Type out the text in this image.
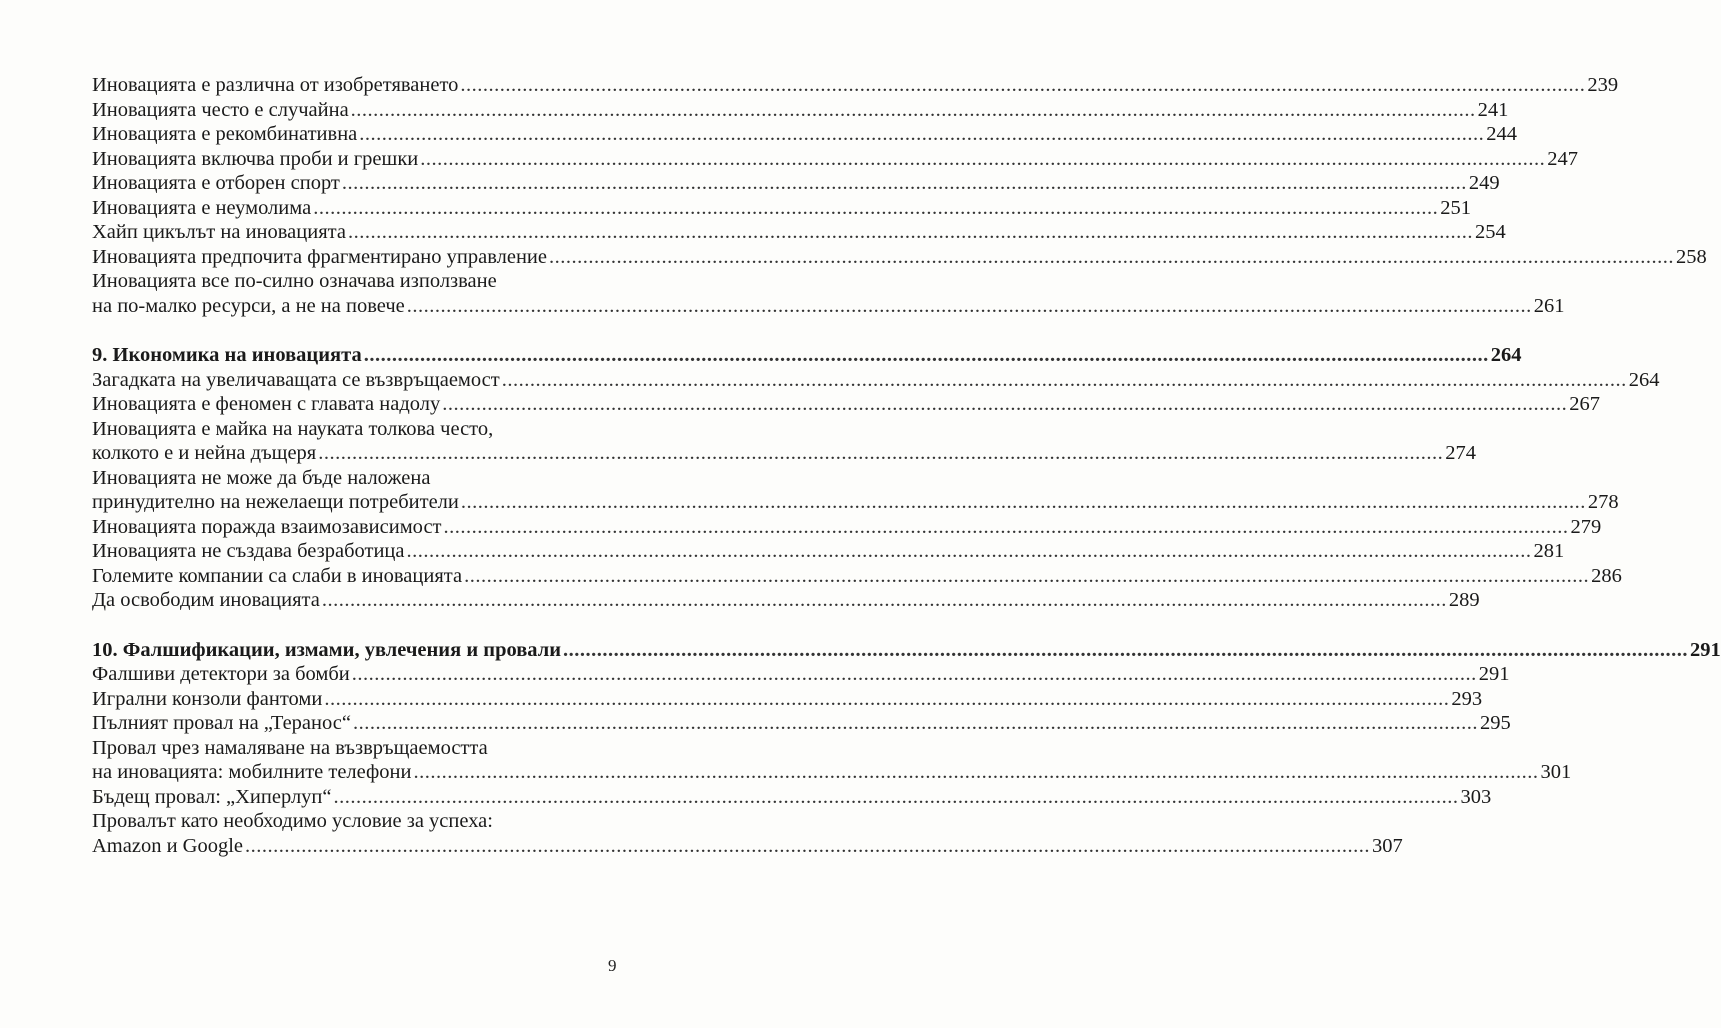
Иновацията е различна от изобретяването ........................................................................................................................................................................................................ 239
Иновацията често е случайна ........................................................................................................................................................................................................ 241
Иновацията е рекомбинативна ........................................................................................................................................................................................................ 244
Иновацията включва проби и грешки ........................................................................................................................................................................................................ 247
Иновацията е отборен спорт ........................................................................................................................................................................................................ 249
Иновацията е неумолима ........................................................................................................................................................................................................ 251
Хайп цикълът на иновацията ........................................................................................................................................................................................................ 254
Иновацията предпочита фрагментирано управление ........................................................................................................................................................................................................ 258
Иновацията все по-силно означава използване
на по-малко ресурси, а не на повече ........................................................................................................................................................................................................ 261
9. Икономика на иновацията ........................................................................................................................................................................................................ 264
Загадката на увеличаващата се възвръщаемост ........................................................................................................................................................................................................ 264
Иновацията е феномен с главата надолу ........................................................................................................................................................................................................ 267
Иновацията е майка на науката толкова често,
колкото е и нейна дъщеря ........................................................................................................................................................................................................ 274
Иновацията не може да бъде наложена
принудително на нежелаещи потребители ........................................................................................................................................................................................................ 278
Иновацията поражда взаимозависимост ........................................................................................................................................................................................................ 279
Иновацията не създава безработица ........................................................................................................................................................................................................ 281
Големите компании са слаби в иновацията ........................................................................................................................................................................................................ 286
Да освободим иновацията ........................................................................................................................................................................................................ 289
10. Фалшификации, измами, увлечения и провали ........................................................................................................................................................................................................ 291
Фалшиви детектори за бомби ........................................................................................................................................................................................................ 291
Игрални конзоли фантоми ........................................................................................................................................................................................................ 293
Пълният провал на „Теранос“ ........................................................................................................................................................................................................ 295
Провал чрез намаляване на възвръщаемостта
на иновацията: мобилните телефони ........................................................................................................................................................................................................ 301
Бъдещ провал: „Хиперлуп“ ........................................................................................................................................................................................................ 303
Провалът като необходимо условие за успеха:
Amazon и Google ........................................................................................................................................................................................................ 307
9
